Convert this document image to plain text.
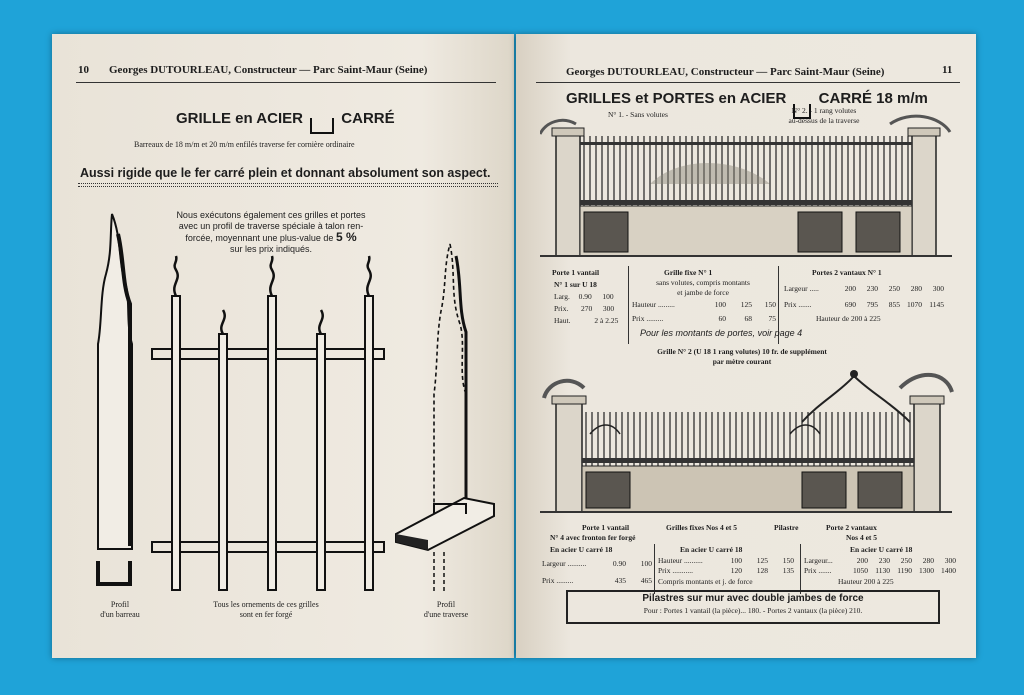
10 Georges DUTOURLEAU, Constructeur — Parc Saint-Maur (Seine)
GRILLE en ACIER	CARRÉ
Barreaux de 18 m/m et 20 m/m enfilés traverse fer cornière ordinaire
Aussi rigide que le fer carré plein et donnant absolument son aspect.
Nous exécutons également ces grilles et portes
avec un profil de traverse spéciale à talon ren-
forcée, moyennant une plus-value de 5 %
sur les prix indiqués.
Profil
d'un barreau
Tous les ornements de ces grilles
sont en fer forgé
Profil
d'une traverse
Georges DUTOURLEAU, Constructeur — Parc Saint-Maur (Seine)	11
GRILLES et PORTES en ACIER CARRÉ 18 m/m
N° 1. - Sans volutes	N° 2. - 1 rang volutes
au-dessus de la traverse
Porte 1 vantail
N° 1 sur U 18
Larg. 0.90 100
Prix. 270 300
Haut.	2 à 2.25
Grille fixe N° 1
sans volutes, compris montants
et jambe de force
Hauteur .........	100 125 150
Prix .........	60 68 75
Portes 2 vantaux N° 1
Largeur .....	200 230 250 280 300
Prix .......	690 795 855 1070 1145
Hauteur de 200 à 225
Pour les montants de portes, voir page 4
Grille N° 2 (U 18 1 rang volutes) 10 fr. de supplément
par mètre courant
Porte 1 vantail	Grilles fixes Nos 4 et 5	Pilastre	Porte 2 vantaux
N° 4 avec fronton fer forgé	Nos 4 et 5
En acier U carré 18	En acier U carré 18	En acier U carré 18
Largeur ..........	0.90 100
Prix .........	435 465
Hauteur ..........	100 125 150
Prix ...........	120 128 135
Compris montants et j. de force
Largeur...	200 230 250 280 300
Prix .......	1050 1130 1190 1300 1400
Hauteur 200 à 225
Pilastres sur mur avec double jambes de force
Pour : Portes 1 vantail (la pièce)... 180. - Portes 2 vantaux (la pièce) 210.
